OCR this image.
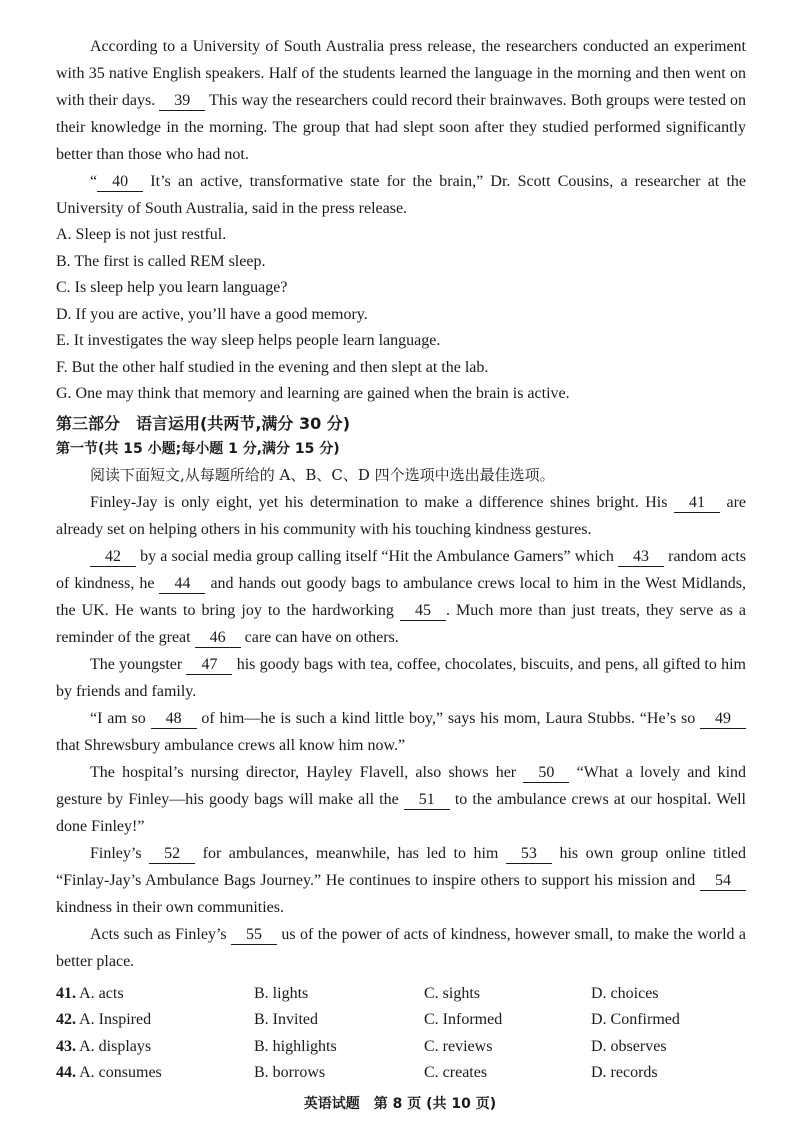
According to a University of South Australia press release, the researchers conducted an experiment with 35 native English speakers. Half of the students learned the language in the morning and then went on with their days. 39 This way the researchers could record their brainwaves. Both groups were tested on their knowledge in the morning. The group that had slept soon after they studied performed significantly better than those who had not.

“ 40 It’s an active, transformative state for the brain,” Dr. Scott Cousins, a researcher at the University of South Australia, said in the press release.

A. Sleep is not just restful.

B. The first is called REM sleep.

C. Is sleep help you learn language?

D. If you are active, you’ll have a good memory.

E. It investigates the way sleep helps people learn language.

F. But the other half studied in the evening and then slept at the lab.

G. One may think that memory and learning are gained when the brain is active.

第三部分　语言运用(共两节,满分 30 分)

第一节(共 15 小题;每小题 1 分,满分 15 分)

阅读下面短文,从每题所给的 A、B、C、D 四个选项中选出最佳选项。

Finley-Jay is only eight, yet his determination to make a difference shines bright. His 41 are already set on helping others in his community with his touching kindness gestures.

42 by a social media group calling itself “Hit the Ambulance Gamers” which 43 random acts of kindness, he 44 and hands out goody bags to ambulance crews local to him in the West Midlands, the UK. He wants to bring joy to the hardworking 45 . Much more than just treats, they serve as a reminder of the great 46 care can have on others.

The youngster 47 his goody bags with tea, coffee, chocolates, biscuits, and pens, all gifted to him by friends and family.

“I am so 48 of him—he is such a kind little boy,” says his mom, Laura Stubbs. “He’s so 49 that Shrewsbury ambulance crews all know him now.”

The hospital’s nursing director, Hayley Flavell, also shows her 50 “What a lovely and kind gesture by Finley—his goody bags will make all the 51 to the ambulance crews at our hospital. Well done Finley!”

Finley’s 52 for ambulances, meanwhile, has led to him 53 his own group online titled “Finlay-Jay’s Ambulance Bags Journey.” He continues to inspire others to support his mission and 54 kindness in their own communities.

Acts such as Finley’s 55 us of the power of acts of kindness, however small, to make the world a better place.

41. A. acts	B. lights	C. sights	D. choices
42. A. Inspired	B. Invited	C. Informed	D. Confirmed
43. A. displays	B. highlights	C. reviews	D. observes
44. A. consumes	B. borrows	C. creates	D. records
英语试题　第 8 页 (共 10 页)
